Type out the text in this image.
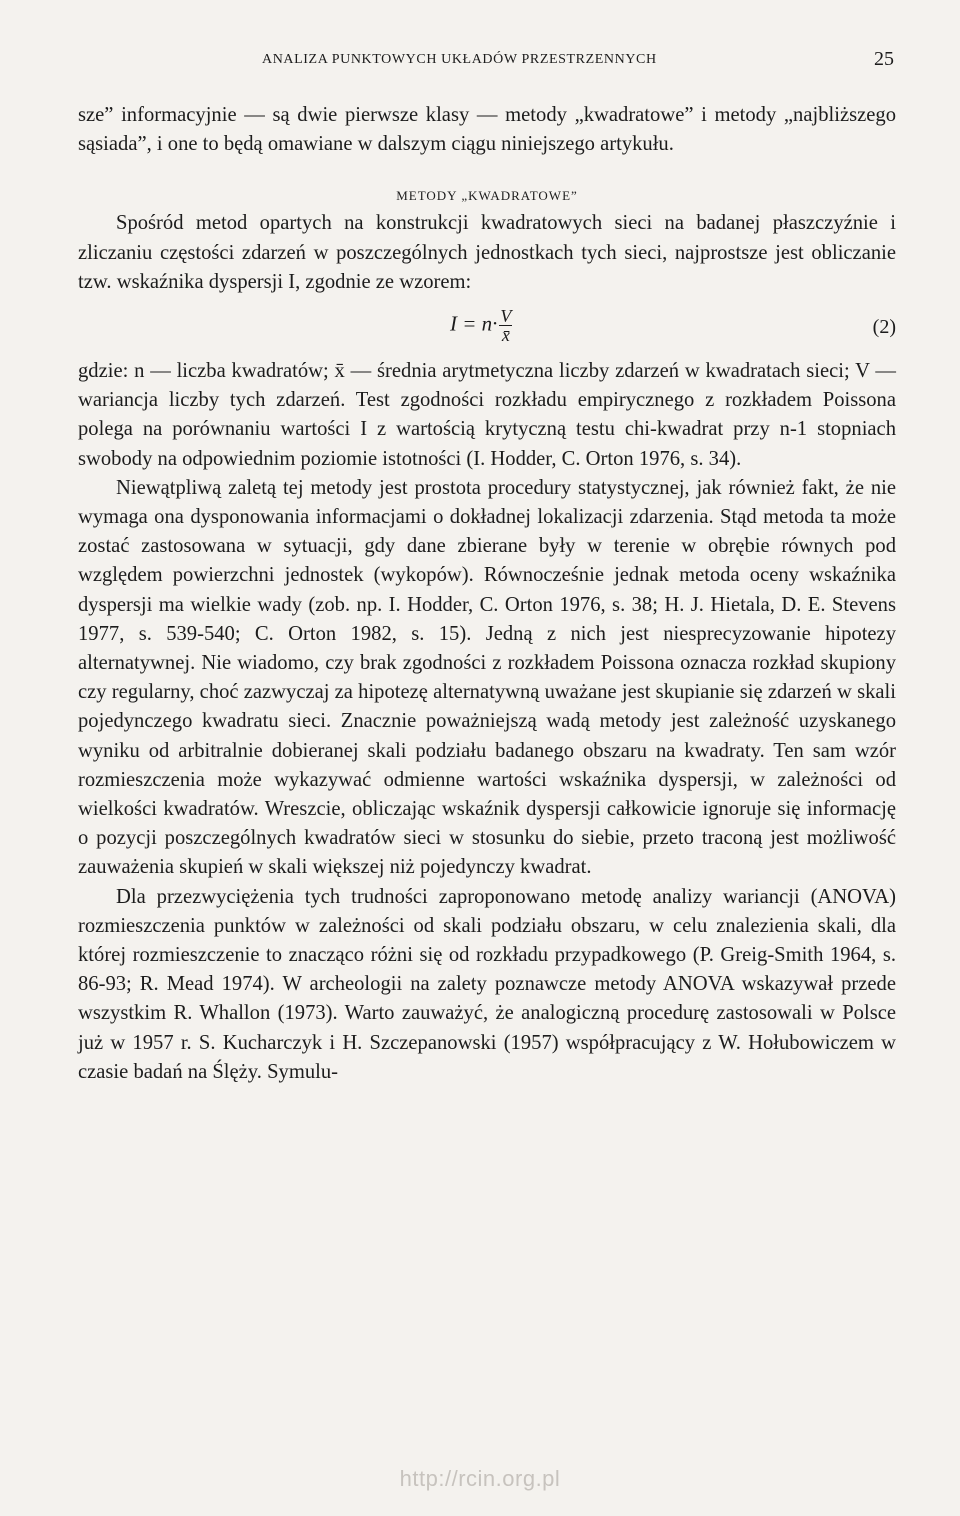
ANALIZA PUNKTOWYCH UKŁADÓW PRZESTRZENNYCH	25

sze” informacyjnie — są dwie pierwsze klasy — metody „kwadratowe” i metody „najbliższego sąsiada”, i one to będą omawiane w dalszym ciągu niniejszego artykułu.

METODY „KWADRATOWE”

Spośród metod opartych na konstrukcji kwadratowych sieci na badanej płaszczyźnie i zliczaniu częstości zdarzeń w poszczególnych jednostkach tych sieci, najprostsze jest obliczanie tzw. wskaźnika dyspersji I, zgodnie ze wzorem:

$I = n\cdot \frac{V}{x̄}$	(2)

gdzie: n — liczba kwadratów; x̄ — średnia arytmetyczna liczby zdarzeń w kwadratach sieci; V — wariancja liczby tych zdarzeń. Test zgodności rozkładu empirycznego z rozkładem Poissona polega na porównaniu wartości I z wartością krytyczną testu chi-kwadrat przy n-1 stopniach swobody na odpowiednim poziomie istotności (I. Hodder, C. Orton 1976, s. 34).

Niewątpliwą zaletą tej metody jest prostota procedury statystycznej, jak również fakt, że nie wymaga ona dysponowania informacjami o dokładnej lokalizacji zdarzenia. Stąd metoda ta może zostać zastosowana w sytuacji, gdy dane zbierane były w terenie w obrębie równych pod względem powierzchni jednostek (wykopów). Równocześnie jednak metoda oceny wskaźnika dyspersji ma wielkie wady (zob. np. I. Hodder, C. Orton 1976, s. 38; H. J. Hietala, D. E. Stevens 1977, s. 539-540; C. Orton 1982, s. 15). Jedną z nich jest niesprecyzowanie hipotezy alternatywnej. Nie wiadomo, czy brak zgodności z rozkładem Poissona oznacza rozkład skupiony czy regularny, choć zazwyczaj za hipotezę alternatywną uważane jest skupianie się zdarzeń w skali pojedynczego kwadratu sieci. Znacznie poważniejszą wadą metody jest zależność uzyskanego wyniku od arbitralnie dobieranej skali podziału badanego obszaru na kwadraty. Ten sam wzór rozmieszczenia może wykazywać odmienne wartości wskaźnika dyspersji, w zależności od wielkości kwadratów. Wreszcie, obliczając wskaźnik dyspersji całkowicie ignoruje się informację o pozycji poszczególnych kwadratów sieci w stosunku do siebie, przeto traconą jest możliwość zauważenia skupień w skali większej niż pojedynczy kwadrat.

Dla przezwyciężenia tych trudności zaproponowano metodę analizy wariancji (ANOVA) rozmieszczenia punktów w zależności od skali podziału obszaru, w celu znalezienia skali, dla której rozmieszczenie to znacząco różni się od rozkładu przypadkowego (P. Greig-Smith 1964, s. 86-93; R. Mead 1974). W archeologii na zalety poznawcze metody ANOVA wskazywał przede wszystkim R. Whallon (1973). Warto zauważyć, że analogiczną procedurę zastosowali w Polsce już w 1957 r. S. Kucharczyk i H. Szczepanowski (1957) współpracujący z W. Hołubowiczem w czasie badań na Ślęży. Symulu-

http://rcin.org.pl
